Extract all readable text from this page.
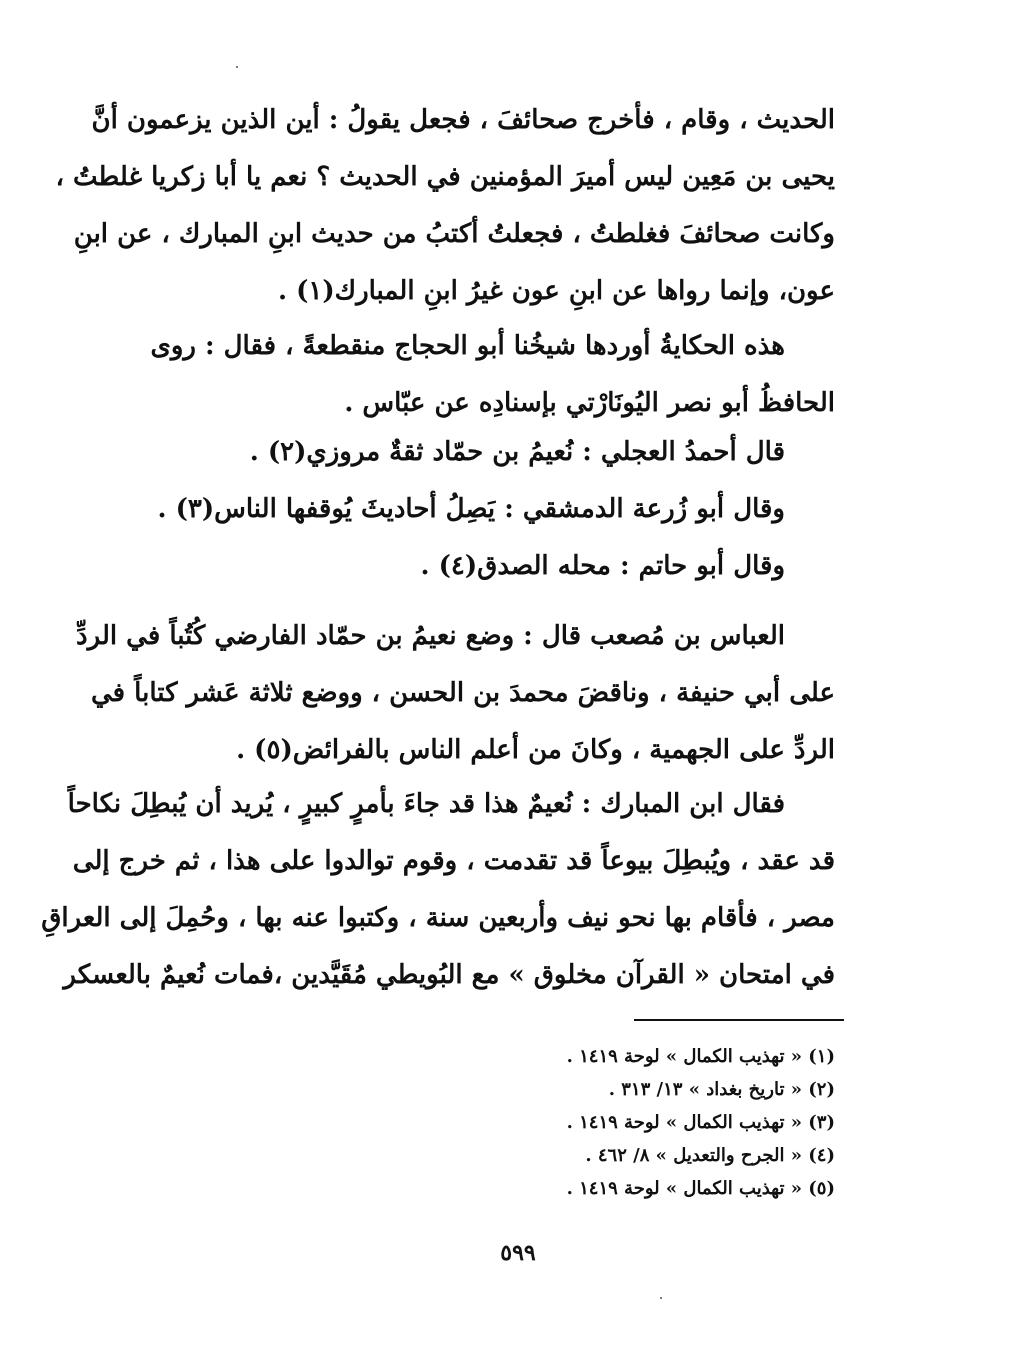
الحديث ، وقام ، فأخرج صحائفَ ، فجعل يقولُ : أين الذين يزعمون أنَّ
يحيى بن مَعِين ليس أميرَ المؤمنين في الحديث ؟ نعم يا أبا زكريا غلطتُ ،
وكانت صحائفَ فغلطتُ ، فجعلتُ أكتبُ من حديث ابنِ المبارك ، عن ابنِ
عون، وإنما رواها عن ابنِ عون غيرُ ابنِ المبارك(١) .
هذه الحكايةُ أوردها شيخُنا أبو الحجاج منقطعةً ، فقال : روى
الحافظُ أبو نصر اليُونَارْتي بإسنادِه عن عبّاس .
قال أحمدُ العجلي : نُعيمُ بن حمّاد ثقةٌ مروزي(٢) .
وقال أبو زُرعة الدمشقي : يَصِلُ أحاديثَ يُوقفها الناس(٣) .
وقال أبو حاتم : محله الصدق(٤) .
العباس بن مُصعب قال : وضع نعيمُ بن حمّاد الفارضي كُتُباً في الردِّ
على أبي حنيفة ، وناقضَ محمدَ بن الحسن ، ووضع ثلاثة عَشر كتاباً في
الردِّ على الجهمية ، وكانَ من أعلم الناس بالفرائض(٥) .
فقال ابن المبارك : نُعيمٌ هذا قد جاءَ بأمرٍ كبيرٍ ، يُريد أن يُبطِلَ نكاحاً
قد عقد ، ويُبطِلَ بيوعاً قد تقدمت ، وقوم توالدوا على هذا ، ثم خرج إلى
مصر ، فأقام بها نحو نيف وأربعين سنة ، وكتبوا عنه بها ، وحُمِلَ إلى العراقِ
في امتحان « القرآن مخلوق » مع البُويطي مُقَيَّدين ،فمات نُعيمٌ بالعسكر
(١) « تهذيب الكمال » لوحة ١٤١٩ .
(٢) « تاريخ بغداد » ١٣/ ٣١٣ .
(٣) « تهذيب الكمال » لوحة ١٤١٩ .
(٤) « الجرح والتعديل » ٨/ ٤٦٢ .
(٥) « تهذيب الكمال » لوحة ١٤١٩ .
٥٩٩
